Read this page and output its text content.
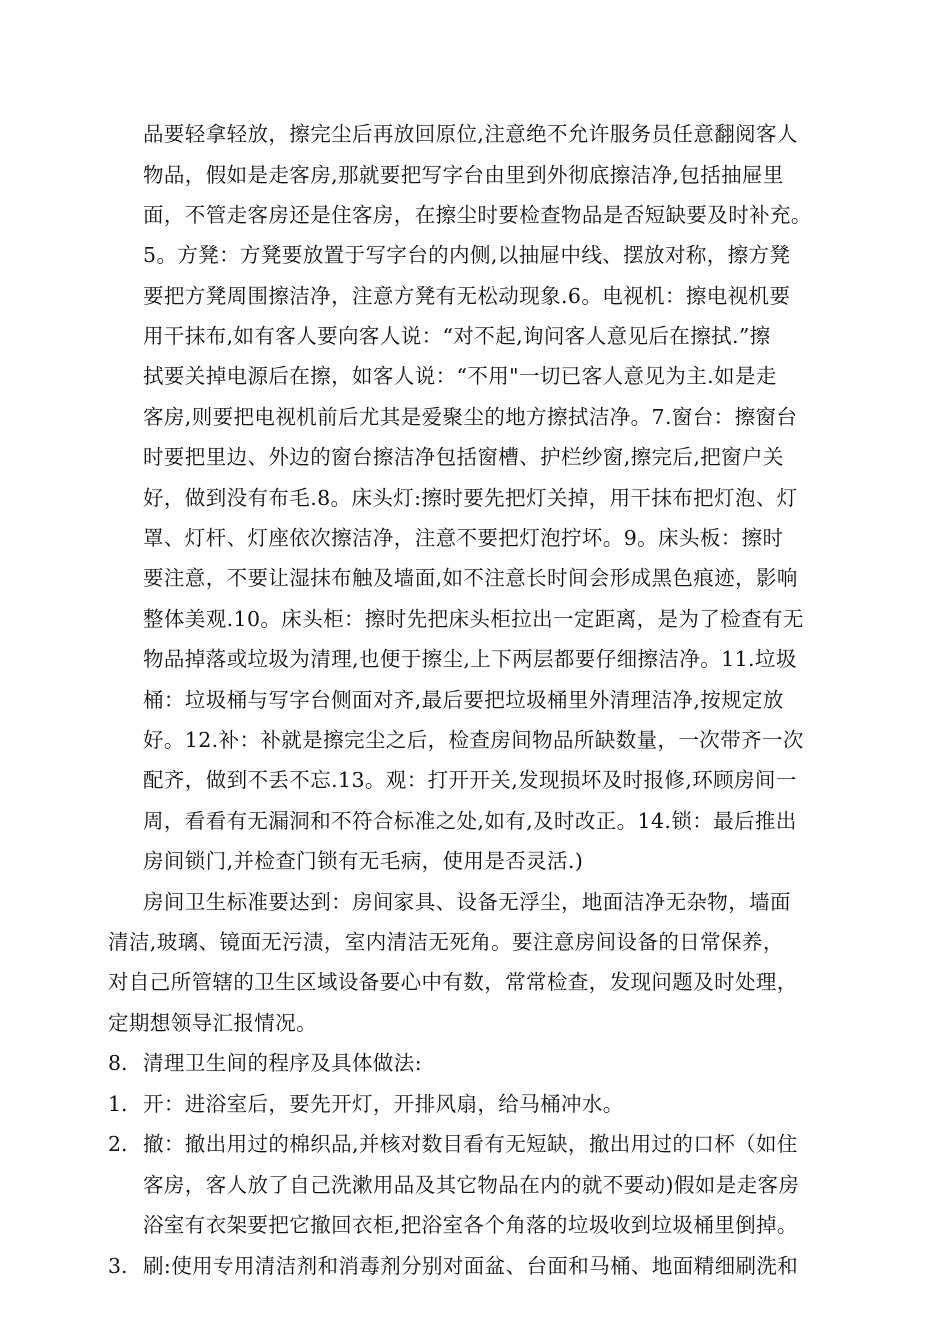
品要轻拿轻放，擦完尘后再放回原位,注意绝不允许服务员任意翻阅客人
物品，假如是走客房,那就要把写字台由里到外彻底擦洁净,包括抽屉里
面，不管走客房还是住客房，在擦尘时要检查物品是否短缺要及时补充。
5。方凳：方凳要放置于写字台的内侧,以抽屉中线、摆放对称，擦方凳
要把方凳周围擦洁净，注意方凳有无松动现象.6。电视机：擦电视机要
用干抹布,如有客人要向客人说：“对不起,询问客人意见后在擦拭.”擦
拭要关掉电源后在擦，如客人说：“不用"一切已客人意见为主.如是走
客房,则要把电视机前后尤其是爱聚尘的地方擦拭洁净。7.窗台：擦窗台
时要把里边、外边的窗台擦洁净包括窗槽、护栏纱窗,擦完后,把窗户关
好，做到没有布毛.8。床头灯:擦时要先把灯关掉，用干抹布把灯泡、灯
罩、灯杆、灯座依次擦洁净，注意不要把灯泡拧坏。9。床头板：擦时
要注意，不要让湿抹布触及墙面,如不注意长时间会形成黑色痕迹，影响
整体美观.10。床头柜：擦时先把床头柜拉出一定距离，是为了检查有无
物品掉落或垃圾为清理,也便于擦尘,上下两层都要仔细擦洁净。11.垃圾
桶：垃圾桶与写字台侧面对齐,最后要把垃圾桶里外清理洁净,按规定放
好。12.补：补就是擦完尘之后，检查房间物品所缺数量，一次带齐一次
配齐，做到不丢不忘.13。观：打开开关,发现损坏及时报修,环顾房间一
周，看看有无漏洞和不符合标准之处,如有,及时改正。14.锁：最后推出
房间锁门,并检查门锁有无毛病，使用是否灵活.)
房间卫生标准要达到：房间家具、设备无浮尘，地面洁净无杂物，墙面
清洁,玻璃、镜面无污渍，室内清洁无死角。要注意房间设备的日常保养，
对自己所管辖的卫生区域设备要心中有数，常常检查，发现问题及时处理，
定期想领导汇报情况。
8. 清理卫生间的程序及具体做法:
1. 开：进浴室后，要先开灯，开排风扇，给马桶冲水。
2. 撤：撤出用过的棉织品,并核对数目看有无短缺，撤出用过的口杯（如住
客房，客人放了自己洗漱用品及其它物品在内的就不要动)假如是走客房
浴室有衣架要把它撤回衣柜,把浴室各个角落的垃圾收到垃圾桶里倒掉。
3. 刷:使用专用清洁剂和消毒剂分别对面盆、台面和马桶、地面精细刷洗和
